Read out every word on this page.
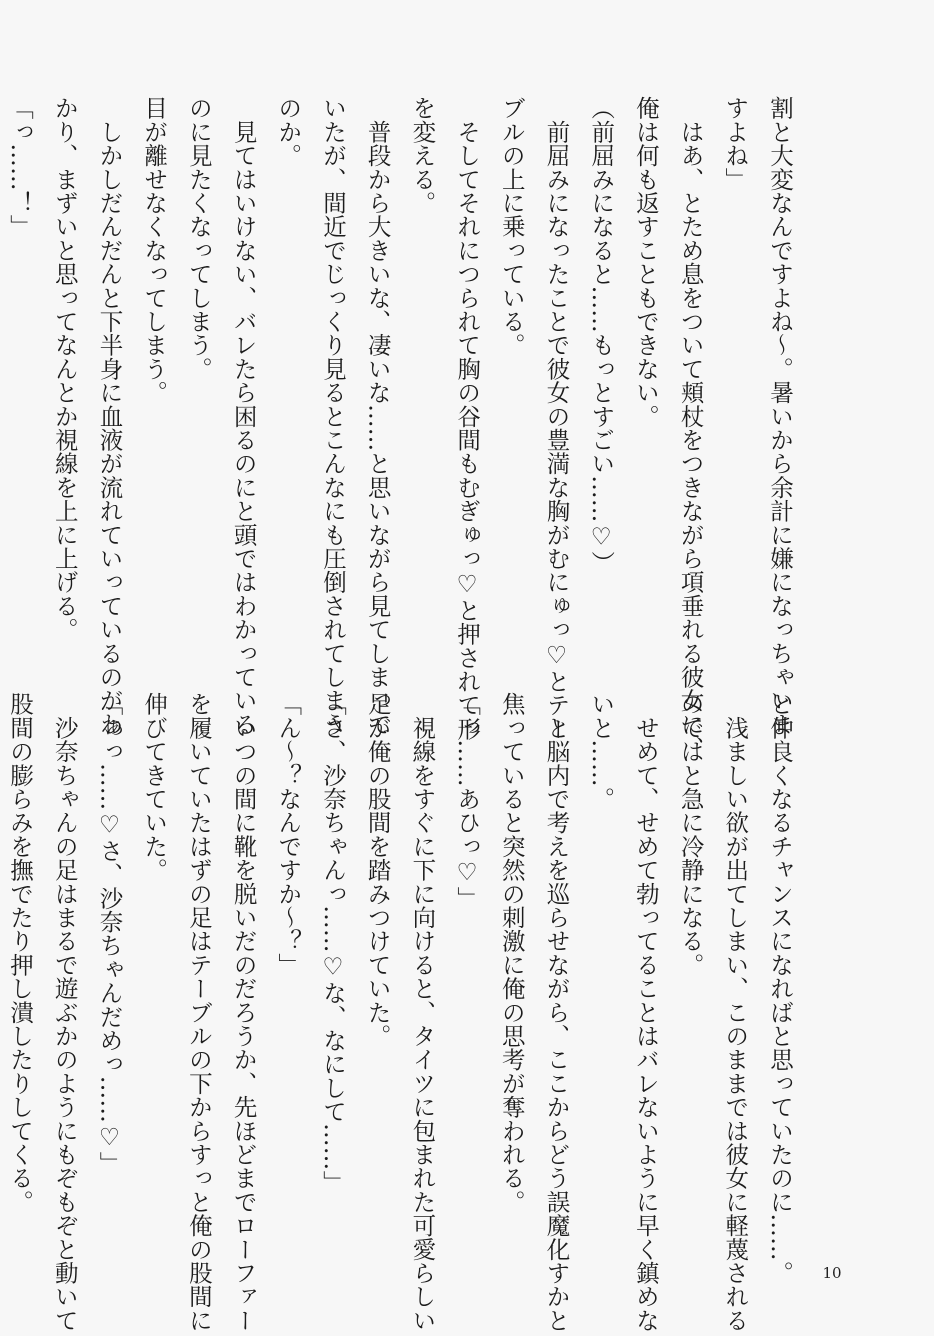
割と大変なんですよね～。暑いから余計に嫌になっちゃいま

すよね」

　はあ、とため息をついて頬杖をつきながら項垂れる彼女に、

俺は何も返すこともできない。

（前屈みになると……もっとすごい……♡）

　前屈みになったことで彼女の豊満な胸がむにゅっ♡とテー

ブルの上に乗っている。

　そしてそれにつられて胸の谷間もむぎゅっ♡と押されて形

を変える。

　普段から大きいな、凄いな……と思いながら見てしまって

いたが、間近でじっくり見るとこんなにも圧倒されてしまう

のか。

　見てはいけない、バレたら困るのにと頭ではわかっている

のに見たくなってしまう。

目が離せなくなってしまう。

　しかしだんだんと下半身に血液が流れていっているのがわ

かり、まずいと思ってなんとか視線を上に上げる。

「っ……！」

と仲良くなるチャンスになればと思っていたのに……。

　浅ましい欲が出てしまい、このままでは彼女に軽蔑される

のではと急に冷静になる。

　せめて、せめて勃ってることはバレないように早く鎮めな

いと……。

　と脳内で考えを巡らせながら、ここからどう誤魔化すかと

焦っていると突然の刺激に俺の思考が奪われる。

「っ……あひっ♡」

　視線をすぐに下に向けると、タイツに包まれた可愛らしい

足が俺の股間を踏みつけていた。

「さ、沙奈ちゃんっ……♡な、なにして……」

「ん～？なんですか～？」

　いつの間に靴を脱いだのだろうか、先ほどまでローファー

を履いていたはずの足はテーブルの下からすっと俺の股間に

伸びてきていた。

「ぁっ……♡さ、沙奈ちゃんだめっ……♡」

　沙奈ちゃんの足はまるで遊ぶかのようにもぞもぞと動いて

股間の膨らみを撫でたり押し潰したりしてくる。

10
